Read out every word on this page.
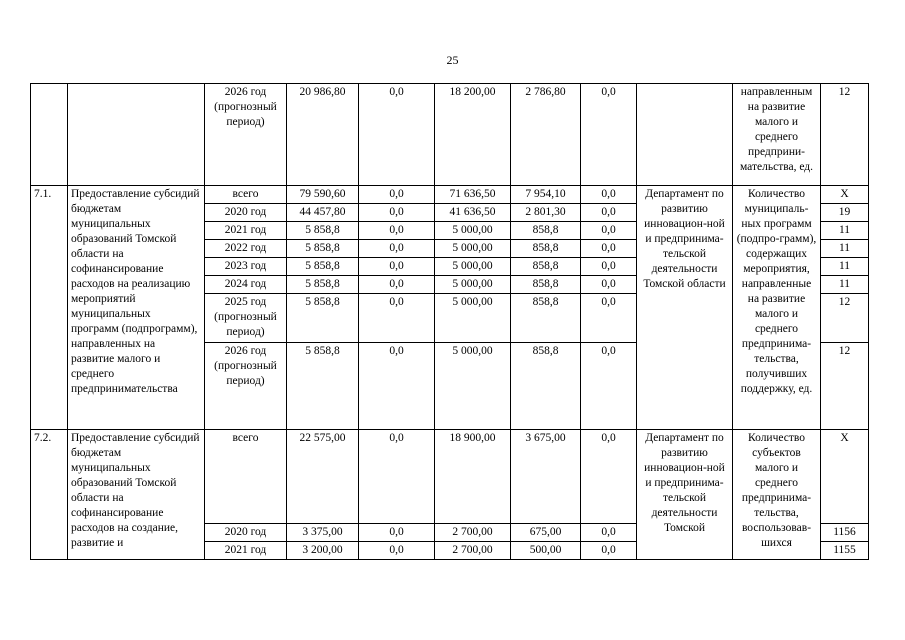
25
		2026 год (прогнозный период)	20 986,80	0,0	18 200,00	2 786,80	0,0		направленным на развитие малого и среднего предприни-мательства, ед.	12
7.1.	Предоставление субсидий бюджетам муниципальных образований Томской области на софинансирование расходов на реализацию мероприятий муниципальных программ (подпрограмм), направленных на развитие малого и среднего предпринимательства	всего	79 590,60	0,0	71 636,50	7 954,10	0,0	Департамент по развитию инновацион-ной и предпринима-тельской деятельности Томской области	Количество муниципаль-ных программ (подпро-грамм), содержащих мероприятия, направленные на развитие малого и среднего предпринима-тельства, получивших поддержку, ед.	Х
		2020 год	44 457,80	0,0	41 636,50	2 801,30	0,0			19
		2021 год	5 858,8	0,0	5 000,00	858,8	0,0			11
		2022 год	5 858,8	0,0	5 000,00	858,8	0,0			11
		2023 год	5 858,8	0,0	5 000,00	858,8	0,0			11
		2024 год	5 858,8	0,0	5 000,00	858,8	0,0			11
		2025 год (прогнозный период)	5 858,8	0,0	5 000,00	858,8	0,0			12
		2026 год (прогнозный период)	5 858,8	0,0	5 000,00	858,8	0,0			12
7.2.	Предоставление субсидий бюджетам муниципальных образований Томской области на софинансирование расходов на создание, развитие и	всего	22 575,00	0,0	18 900,00	3 675,00	0,0	Департамент по развитию инновацион-ной и предпринима-тельской деятельности Томской	Количество субъектов малого и среднего предпринима-тельства, воспользовав-шихся	Х
		2020 год	3 375,00	0,0	2 700,00	675,00	0,0			1156
		2021 год	3 200,00	0,0	2 700,00	500,00	0,0			1155
